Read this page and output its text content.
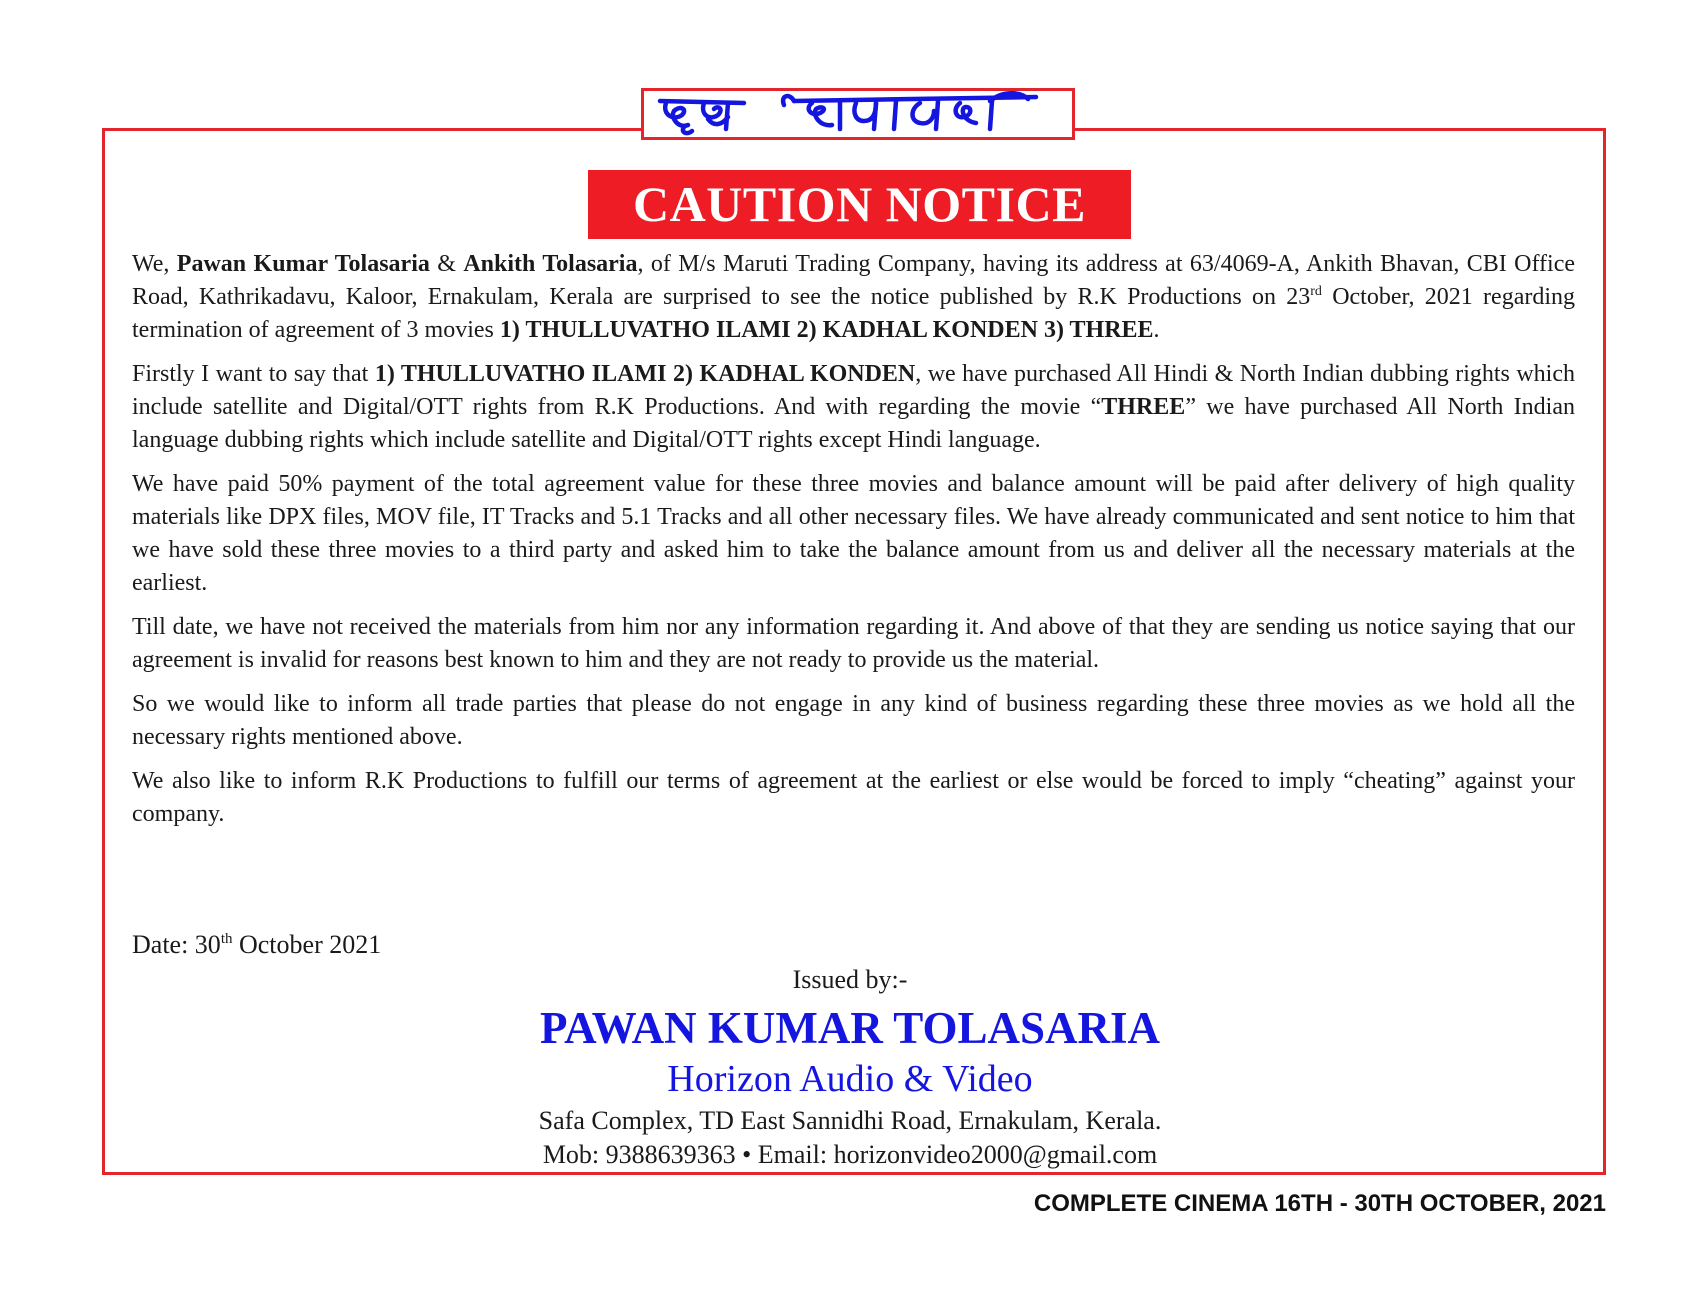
CAUTION NOTICE

We, Pawan Kumar Tolasaria & Ankith Tolasaria, of M/s Maruti Trading Company, having its address at 63/4069-A, Ankith Bhavan, CBI Office Road, Kathrikadavu, Kaloor, Ernakulam, Kerala are surprised to see the notice published by R.K Productions on 23rd October, 2021 regarding termination of agreement of 3 movies 1) THULLUVATHO ILAMI 2) KADHAL KONDEN 3) THREE.

Firstly I want to say that 1) THULLUVATHO ILAMI 2) KADHAL KONDEN, we have purchased All Hindi & North Indian dubbing rights which include satellite and Digital/OTT rights from R.K Productions. And with regarding the movie “THREE” we have purchased All North Indian language dubbing rights which include satellite and Digital/OTT rights except Hindi language.

We have paid 50% payment of the total agreement value for these three movies and balance amount will be paid after delivery of high quality materials like DPX files, MOV file, IT Tracks and 5.1 Tracks and all other necessary files. We have already communicated and sent notice to him that we have sold these three movies to a third party and asked him to take the balance amount from us and deliver all the necessary materials at the earliest.

Till date, we have not received the materials from him nor any information regarding it. And above of that they are sending us notice saying that our agreement is invalid for reasons best known to him and they are not ready to provide us the material.

So we would like to inform all trade parties that please do not engage in any kind of business regarding these three movies as we hold all the necessary rights mentioned above.

We also like to inform R.K Productions to fulfill our terms of agreement at the earliest or else would be forced to imply “cheating” against your company.

Date: 30th October 2021
Issued by:-
PAWAN KUMAR TOLASARIA
Horizon Audio & Video
Safa Complex, TD East Sannidhi Road, Ernakulam, Kerala.
Mob: 9388639363 • Email: horizonvideo2000@gmail.com
COMPLETE CINEMA 16TH - 30TH OCTOBER, 2021
